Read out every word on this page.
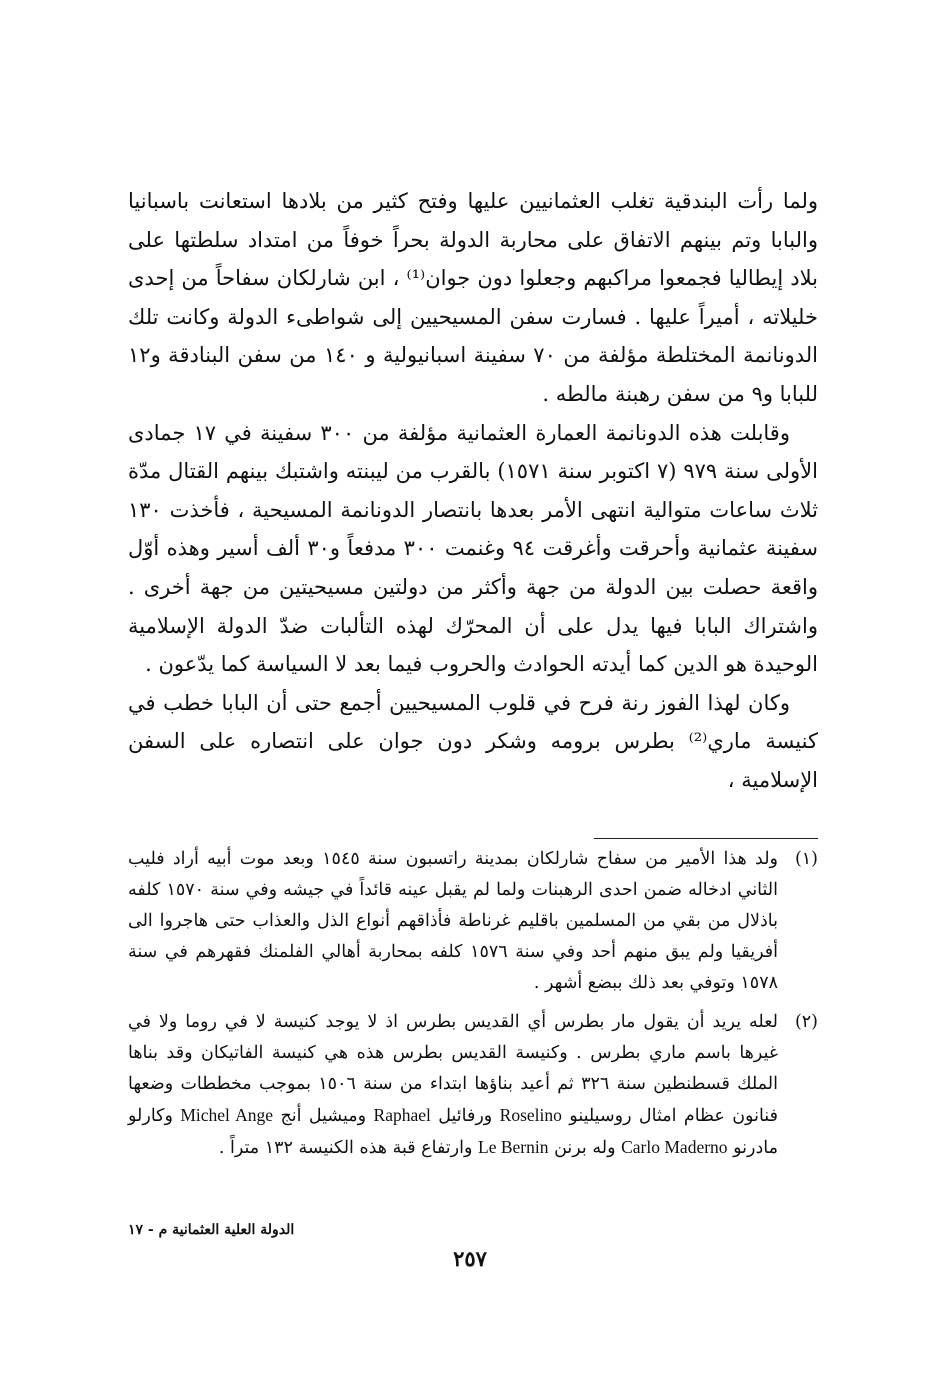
ولما رأت البندقية تغلب العثمانيين عليها وفتح كثير من بلادها استعانت باسبانيا والبابا وتم بينهم الاتفاق على محاربة الدولة بحراً خوفاً من امتداد سلطتها على بلاد إيطاليا فجمعوا مراكبهم وجعلوا دون جوان⁽¹⁾ ، ابن شارلكان سفاحاً من إحدى خليلاته ، أميراً عليها . فسارت سفن المسيحيين إلى شواطىء الدولة وكانت تلك الدونانمة المختلطة مؤلفة من ٧٠ سفينة اسبانيولية و ١٤٠ من سفن البنادقة و١٢ للبابا و٩ من سفن رهبنة مالطه .

وقابلت هذه الدونانمة العمارة العثمانية مؤلفة من ٣٠٠ سفينة في ١٧ جمادى الأولى سنة ٩٧٩ (٧ اكتوبر سنة ١٥٧١) بالقرب من ليبنته واشتبك بينهم القتال مدّة ثلاث ساعات متوالية انتهى الأمر بعدها بانتصار الدونانمة المسيحية ، فأخذت ١٣٠ سفينة عثمانية وأحرقت وأغرقت ٩٤ وغنمت ٣٠٠ مدفعاً و٣٠ ألف أسير وهذه أوّل واقعة حصلت بين الدولة من جهة وأكثر من دولتين مسيحيتين من جهة أخرى . واشتراك البابا فيها يدل على أن المحرّك لهذه التألبات ضدّ الدولة الإسلامية الوحيدة هو الدين كما أيدته الحوادث والحروب فيما بعد لا السياسة كما يدّعون .

وكان لهذا الفوز رنة فرح في قلوب المسيحيين أجمع حتى أن البابا خطب في كنيسة ماري⁽²⁾ بطرس برومه وشكر دون جوان على انتصاره على السفن الإسلامية ،

(١)
ولد هذا الأمير من سفاح شارلكان بمدينة راتسبون سنة ١٥٤٥ وبعد موت أبيه أراد فليب الثاني ادخاله ضمن احدى الرهبنات ولما لم يقبل عينه قائداً في جيشه وفي سنة ١٥٧٠ كلفه باذلال من بقي من المسلمين باقليم غرناطة فأذاقهم أنواع الذل والعذاب حتى هاجروا الى أفريقيا ولم يبق منهم أحد وفي سنة ١٥٧٦ كلفه بمحاربة أهالي الفلمنك فقهرهم في سنة ١٥٧٨ وتوفي بعد ذلك ببضع أشهر .
(٢)
لعله يريد أن يقول مار بطرس أي القديس بطرس اذ لا يوجد كنيسة لا في روما ولا في غيرها باسم ماري بطرس . وكنيسة القديس بطرس هذه هي كنيسة الفاتيكان وقد بناها الملك قسطنطين سنة ٣٢٦ ثم أعيد بناؤها ابتداء من سنة ١٥٠٦ بموجب مخططات وضعها فنانون عظام امثال روسيلينو Roselino ورفائيل Raphael وميشيل أنج Michel Ange وكارلو مادرنو Carlo Maderno وله برنن Le Bernin وارتفاع قبة هذه الكنيسة ١٣٢ متراً .
الدولة العلية العثمانية م - ١٧
٢٥٧
